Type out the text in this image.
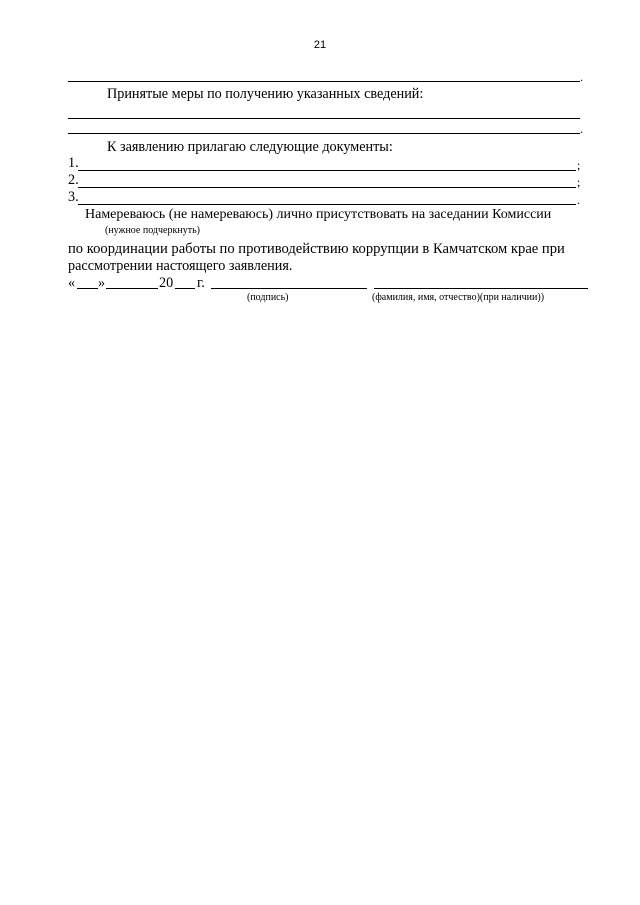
21
.
Принятые меры по получению указанных сведений:
.
К заявлению прилагаю следующие документы:
1.	;
2.	;
3.	.
Намереваюсь (не намереваюсь) лично присутствовать на заседании Комиссии
(нужное подчеркнуть)
по координации работы по противодействию коррупции в Камчатском крае при
рассмотрении настоящего заявления.
« »	20 г.
(подпись)	(фамилия, имя, отчество)(при наличии))
